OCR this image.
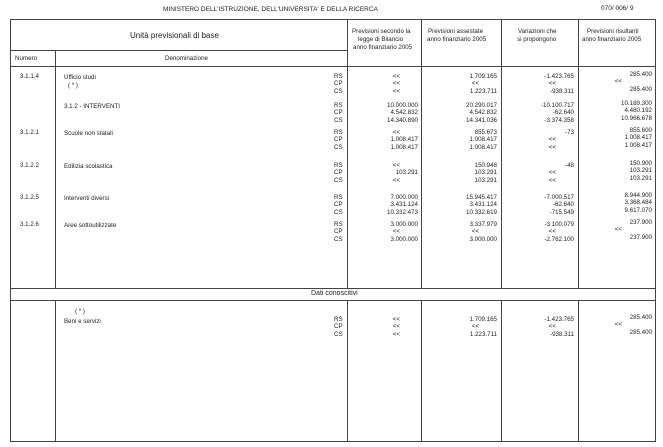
MINISTERO DELL'ISTRUZIONE, DELL'UNIVERSITA' E DELLA RICERCA	070/ 006/ 9
Unità previsionali di base
Numero	Denominazione
Previsioni secondo la
legge di Bilancio
anno finanziario 2005
Previsioni assestate
anno finanziario 2005
Variazioni che
si propongono
Previsioni risultanti
anno finanziario 2005
Dati conoscitivi
3.1.1.4	Ufficio studi
( * )
RS	<<	1.709.165	-1.423.765	285.400
CP	<<	<<	<<	<<
CS	<<	1.223.711	-938.311	285.400
3.1.2 - INTERVENTI	RS	10.000.000	20.290.017	-10.100.717	10.189.300
CP	4.542.832	4.542.832	-62.640	4.480.192
CS	14.340.890	14.341.036	-3.374.358	10.966.678
3.1.2.1	Scuole non statali	RS	<<	855.673	-73	855.600
CP	1.008.417	1.008.417	<<	1.008.417
CS	1.008.417	1.008.417	<<	1.008.417
3.1.2.2	Edilizia scolastica	RS	<<	150.948	-48	150.900
CP	103.291	103.291	<<	103.291
CS	<<	103.291	<<	103.291
3.1.2.5	Interventi diversi	RS	7.000.000	15.945.417	-7.000.517	8.944.900
CP	3.431.124	3.431.124	-62.640	3.368.484
CS	10.332.473	10.332.619	-715.549	9.617.070
3.1.2.6	Aree sottoutilizzate	RS	3.000.000	3.337.979	-3.100.079	237.900
CP	<<	<<	<<	<<
CS	3.000.000	3.000.000	-2.762.100	237.900
( * )
Beni e servizi	RS	<<	1.709.165	-1.423.765	285.400
CP	<<	<<	<<	<<
CS	<<	1.223.711	-938.311	285.400
